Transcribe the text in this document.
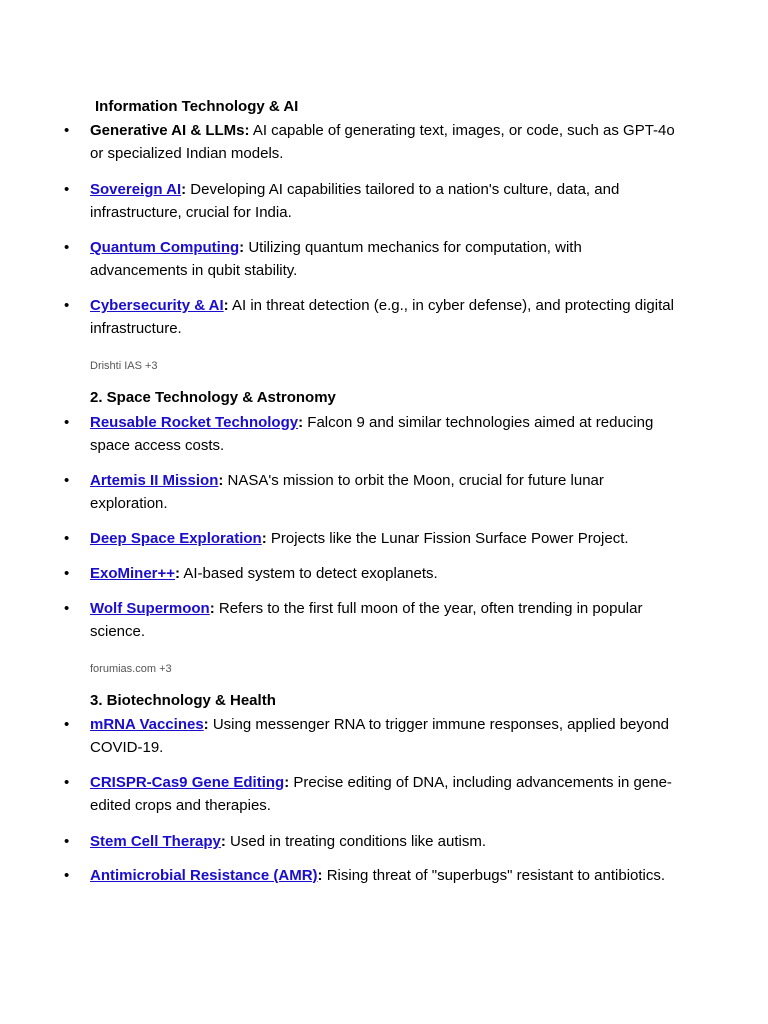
Information Technology & AI
• Generative AI & LLMs: AI capable of generating text, images, or code, such as GPT-4o or specialized Indian models.
• Sovereign AI: Developing AI capabilities tailored to a nation's culture, data, and infrastructure, crucial for India.
• Quantum Computing: Utilizing quantum mechanics for computation, with advancements in qubit stability.
• Cybersecurity & AI: AI in threat detection (e.g., in cyber defense), and protecting digital infrastructure.
Drishti IAS +3
2. Space Technology & Astronomy
• Reusable Rocket Technology: Falcon 9 and similar technologies aimed at reducing space access costs.
• Artemis II Mission: NASA's mission to orbit the Moon, crucial for future lunar exploration.
• Deep Space Exploration: Projects like the Lunar Fission Surface Power Project.
• ExoMiner++: AI-based system to detect exoplanets.
• Wolf Supermoon: Refers to the first full moon of the year, often trending in popular science.
forumias.com +3
3. Biotechnology & Health
• mRNA Vaccines: Using messenger RNA to trigger immune responses, applied beyond COVID-19.
• CRISPR-Cas9 Gene Editing: Precise editing of DNA, including advancements in gene-edited crops and therapies.
• Stem Cell Therapy: Used in treating conditions like autism.
• Antimicrobial Resistance (AMR): Rising threat of "superbugs" resistant to antibiotics.
